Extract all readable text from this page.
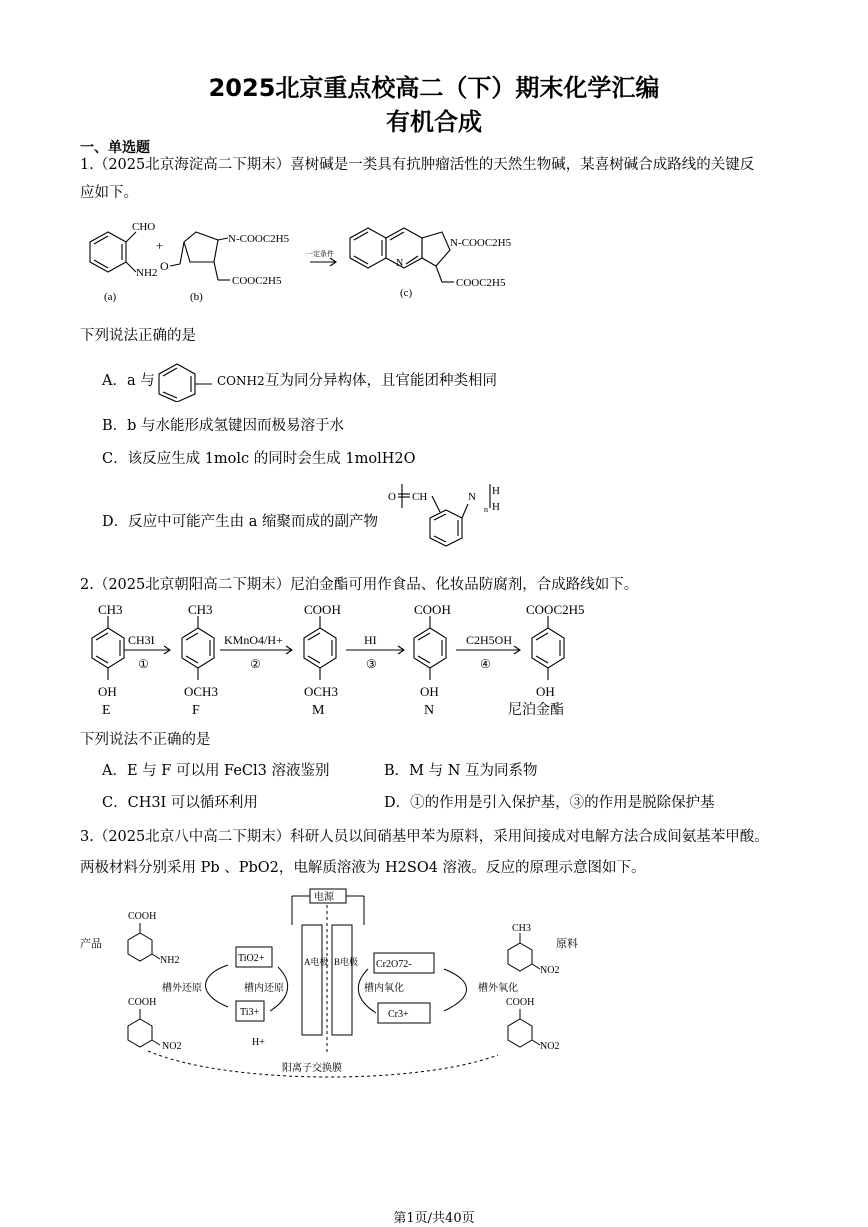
2025北京重点校高二（下）期末化学汇编
有机合成
一、单选题
1.（2025北京海淀高二下期末）喜树碱是一类具有抗肿瘤活性的天然生物碱，某喜树碱合成路线的关键反
应如下。
CHO
NH2
+	N-COOC2H5
COOC2H5
O
一定条件
N-COOC2H5
N
COOC2H5
(a)	(b)	(c)
下列说法正确的是
A．a 与	CONH2 互为同分异构体，且官能团种类相同
B．b 与水能形成氢键因而极易溶于水
C．该反应生成 1molc 的同时会生成 1molH2O
D．反应中可能产生由 a 缩聚而成的副产物
O CH	N H
H
n
2.（2025北京朝阳高二下期末）尼泊金酯可用作食品、化妆品防腐剂，合成路线如下。
CH3
OH
E
CH3
OCH3
F
COOH
OCH3
M
COOH
OH
N
COOC2H5
OH
尼泊金酯
CH3I
①
KMnO4/H+
②
HI
③
C2H5OH
④
下列说法不正确的是
A．E 与 F 可以用 FeCl3 溶液鉴别	B．M 与 N 互为同系物
C．CH3I 可以循环利用	D．①的作用是引入保护基，③的作用是脱除保护基
3.（2025北京八中高二下期末）科研人员以间硝基甲苯为原料，采用间接成对电解方法合成间氨基苯甲酸。
两极材料分别采用 Pb 、PbO2，电解质溶液为 H2SO4 溶液。反应的原理示意图如下。
电源
产品	原料
COOH
NH2
CH3
NO2
COOH
NO2
COOH
NO2
TiO2+
Ti3+
Cr2O72-
Cr3+
槽外还原	槽内还原	槽内氧化	槽外氧化
H+
A电极 B电极
阳离子交换膜
第1页/共40页
